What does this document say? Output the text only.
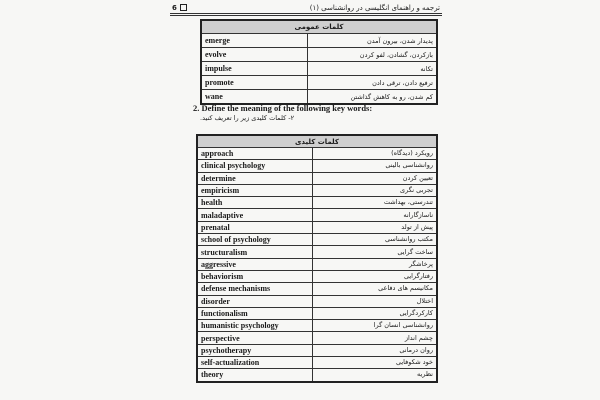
ترجمه و راهنمای انگلیسی در روانشناسی (۱)
6
کلمات عمومی	
emerge	پدیدار شدن، بیرون آمدن
evolve	بازکردن، گشادن، لفو کردن
impulse	تکانه
promote	ترفیع دادن، ترقی دادن
wane	کم شدن، رو به کاهش گذاشتن
2. Define the meaning of the following key words:
۲- کلمات کلیدی زیر را تعریف کنید.
کلمات کلیدی	
approach	رویکرد (دیدگاه)
clinical psychology	روانشناسی بالینی
determine	تعیین کردن
empiricism	تجربی نگری
health	تندرستی، بهداشت
maladaptive	ناسازگارانه
prenatal	پیش از تولد
school of psychology	مکتب روانشناسی
structuralism	ساخت گرایی
aggressive	پرخاشگر
behaviorism	رفتارگرایی
defense mechanisms	مکانیسم های دفاعی
disorder	اختلال
functionalism	کارکردگرایی
humanistic psychology	روانشناسی انسان گرا
perspective	چشم انداز
psychotherapy	روان درمانی
self-actualization	خود شکوفایی
theory	نظریه
